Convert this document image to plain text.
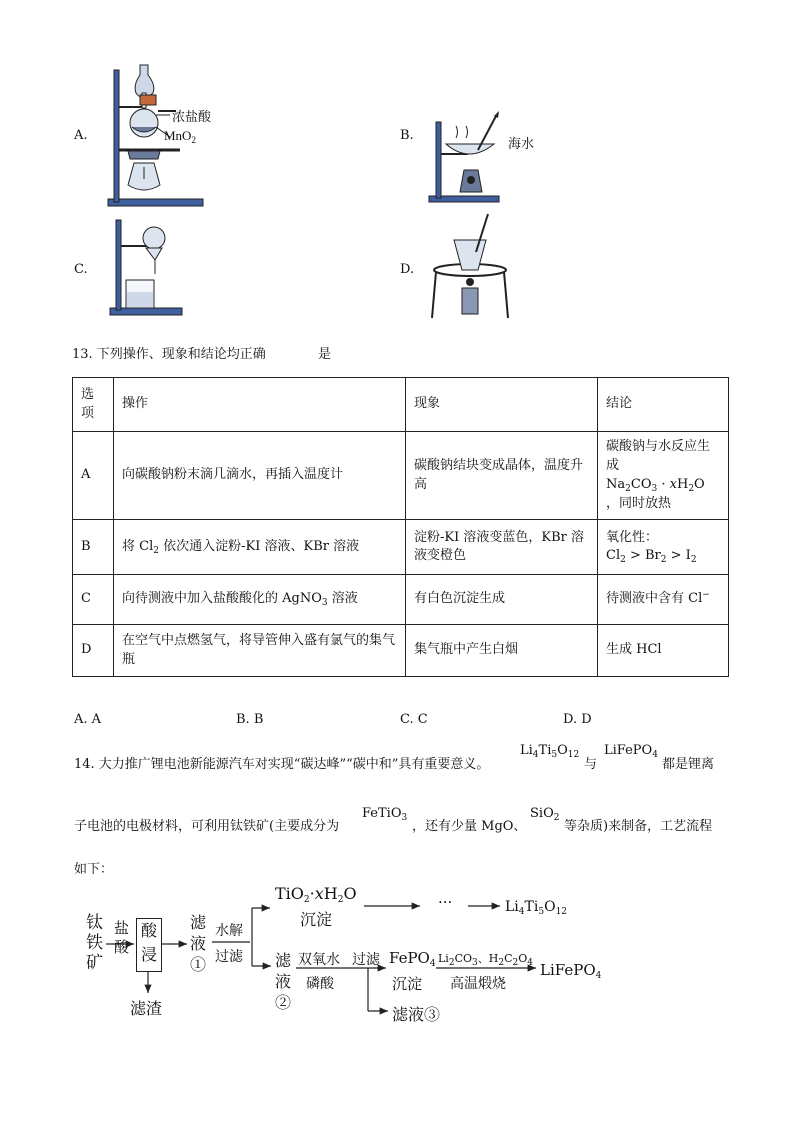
A.	B.
C.	D.
浓盐酸
MnO$_2$	海水
13. 下列操作、现象和结论均正确	是
选项	操作	现象	结论
A	向碳酸钠粉末滴几滴水，再插入温度计	碳酸钠结块变成晶体，温度升高	碳酸钠与水反应生成
$Na_2CO_3 \cdot xH_2O$
，同时放热
B	将 $Cl_2$ 依次通入淀粉-KI 溶液、KBr 溶液	淀粉-KI 溶液变蓝色，KBr 溶液变橙色	氧化性：
$Cl_2 > Br_2 > I_2$
C	向待测液中加入盐酸酸化的 AgNO$_3$ 溶液	有白色沉淀生成	待测液中含有 Cl−
D	在空气中点燃氢气，将导管伸入盛有氯气的集气瓶	集气瓶中产生白烟	生成 HCl
A. A	B. B	C. C	D. D
14. 大力推广锂电池新能源汽车对实现“碳达峰”“碳中和”具有重要意义。
$Li_4Ti_5O_{12}$
与
LiFePO$_4$
都是锂离
子电池的电极材料，可利用钛铁矿(主要成分为
FeTiO$_3$
，还有少量 MgO、
SiO$_2$
等杂质)来制备，工艺流程
如下：
钛铁矿
盐酸
酸浸
滤渣
滤液①
水解
过滤
$TiO_2\cdot xH_2O$
沉淀
···	$Li_4Ti_5O_{12}$
滤液②
双氧水
磷酸
过滤 FePO$_4$
沉淀
$Li_2CO_3$、$H_2C_2O_4$
高温煅烧
LiFePO$_4$
滤液③
